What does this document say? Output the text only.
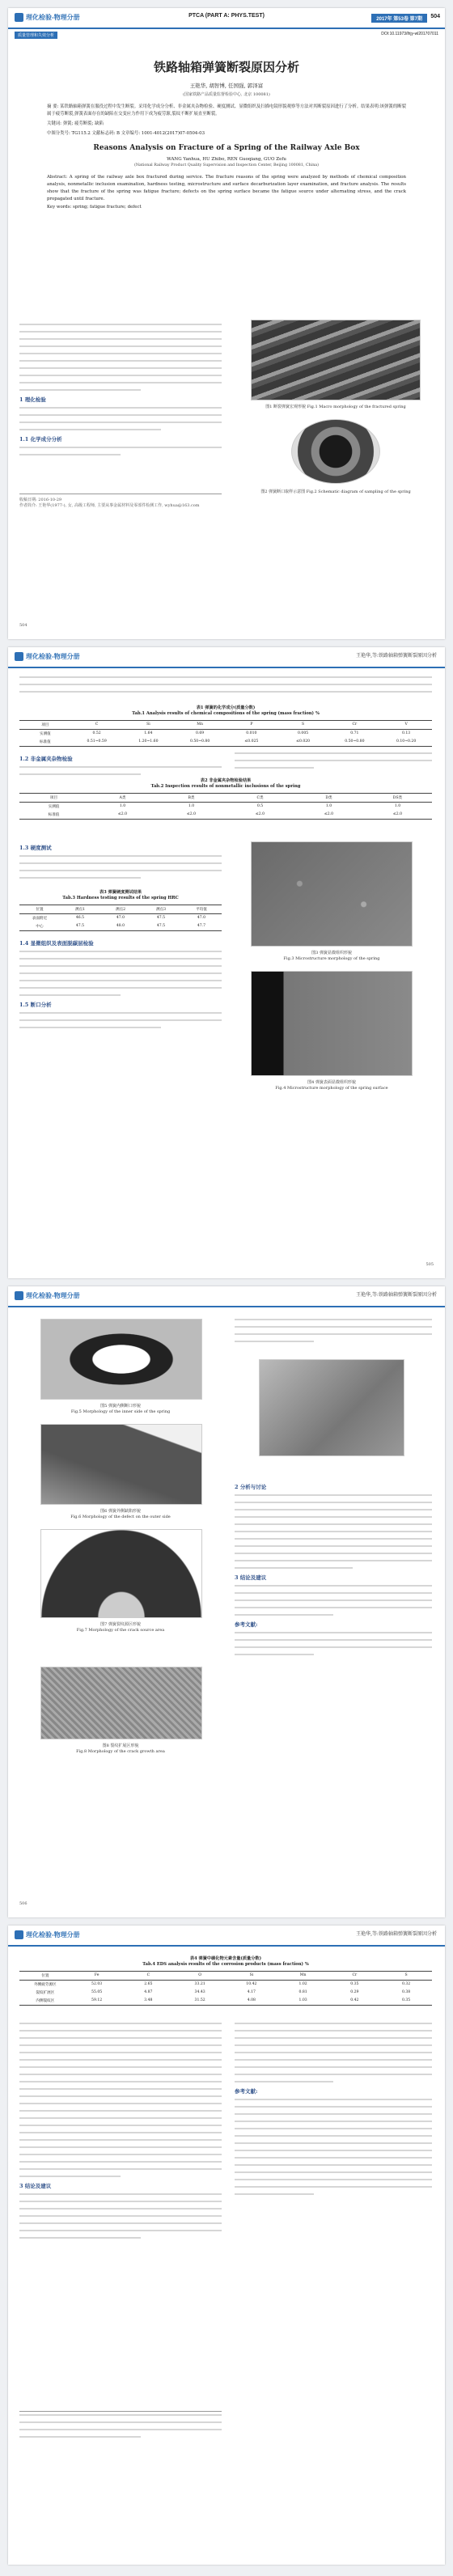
理化检验-物理分册	PTCA (PART A: PHYS.TEST)
2017年 第53卷 第7期	504
质量管理和失效分析	DOI:10.11973/lhjy-wl201707011
铁路轴箱弹簧断裂原因分析
王艳华, 胡智博, 任国强, 郭泽富
(国家铁路产品质量监督检验中心, 北京 100081)
摘 要: 某铁路轴箱弹簧在服役过程中发生断裂。采用化学成分分析、非金属夹杂物检验、硬度测试、显微组织及扫描电镜形貌观察等方法对其断裂原因进行了分析。结果表明:该弹簧的断裂属于疲劳断裂,弹簧表面存在的缺陷在交变应力作用下成为疲劳源,裂纹不断扩展直至断裂。
关键词: 弹簧; 疲劳断裂; 缺陷
中图分类号: TG115.2 文献标志码: B 文章编号: 1001-4012(2017)07-0504-03
Reasons Analysis on Fracture of a Spring of the Railway Axle Box
WANG Yanhua, HU Zhibo, REN Guoqiang, GUO Zefu
(National Railway Product Quality Supervision and Inspection Center, Beijing 100081, China)
Abstract: A spring of the railway axle box fractured during service. The fracture reasons of the spring were analyzed by methods of chemical composition analysis, nonmetallic inclusion examination, hardness testing, microstructure and surface decarburization layer examination, and fracture analysis. The results show that the fracture of the spring was fatigue fracture; defects on the spring surface became the fatigue source under alternating stress, and the crack propagated until fracture.
Key words: spring; fatigue fracture; defect
1 理化检验
1.1 化学成分分析
图1 断裂弹簧宏观形貌 Fig.1 Macro morphology of the fractured spring
图2 弹簧断口取样示意图 Fig.2 Schematic diagram of sampling of the spring
收稿日期: 2016-10-29
作者简介: 王艳华(1977-), 女, 高级工程师, 主要从事金属材料及零部件检测工作, wyhua@163.com
504
理化检验-物理分册	王艳华,等:铁路轴箱弹簧断裂原因分析
表1 弹簧的化学成分(质量分数)
Tab.1 Analysis results of chemical compositions of the spring (mass fraction) %
项目	C	Si	Mn	P	S	Cr	V
实测值	0.52	1.64	0.69	0.010	0.005	0.71	0.13
标准值	0.51~0.59	1.20~1.60	0.50~0.80	≤0.025	≤0.020	0.50~0.80	0.10~0.20
1.2 非金属夹杂物检验
表2 非金属夹杂物检验结果
Tab.2 Inspection results of nonmetallic inclusions of the spring
项目	A类	B类	C类	D类	DS类
实测值	1.0	1.0	0.5	1.0	1.0
标准值	≤2.0	≤2.0	≤2.0	≤2.0	≤2.0
1.3 硬度测试
表3 弹簧硬度测试结果
Tab.3 Hardness testing results of the spring HRC
位置	测点1	测点2	测点3	平均值
表面附近	46.5	47.0	47.5	47.0
中心	47.5	48.0	47.5	47.7
1.4 显微组织及表面脱碳层检验
1.5 断口分析
图3 弹簧显微组织形貌
Fig.3 Microstructure morphology of the spring
图4 弹簧表面显微组织形貌
Fig.4 Microstructure morphology of the spring surface
505
理化检验-物理分册	王艳华,等:铁路轴箱弹簧断裂原因分析
图5 弹簧内侧断口形貌
Fig.5 Morphology of the inner side of the spring
图6 弹簧外侧缺陷形貌
Fig.6 Morphology of the defect on the outer side
图7 弹簧裂纹源区形貌
Fig.7 Morphology of the crack source area
图8 裂纹扩展区形貌
Fig.8 Morphology of the crack growth area
2 分析与讨论
3 结论及建议
参考文献:
506
理化检验-物理分册	王艳华,等:铁路轴箱弹簧断裂原因分析
表4 弹簧中碳化物元素含量(质量分数)
Tab.4 EDS analysis results of the corrosion products (mass fraction) %
位置	Fe	C	O	Si	Mn	Cr	S
外侧疲劳源区	52.03	2.65	33.21	10.42	1.02	0.35	0.32
裂纹扩展区	55.05	4.87	34.43	4.17	0.81	0.29	0.38
内侧裂纹区	59.12	3.48	31.52	4.08	1.03	0.42	0.35
3 结论及建议
参考文献:
